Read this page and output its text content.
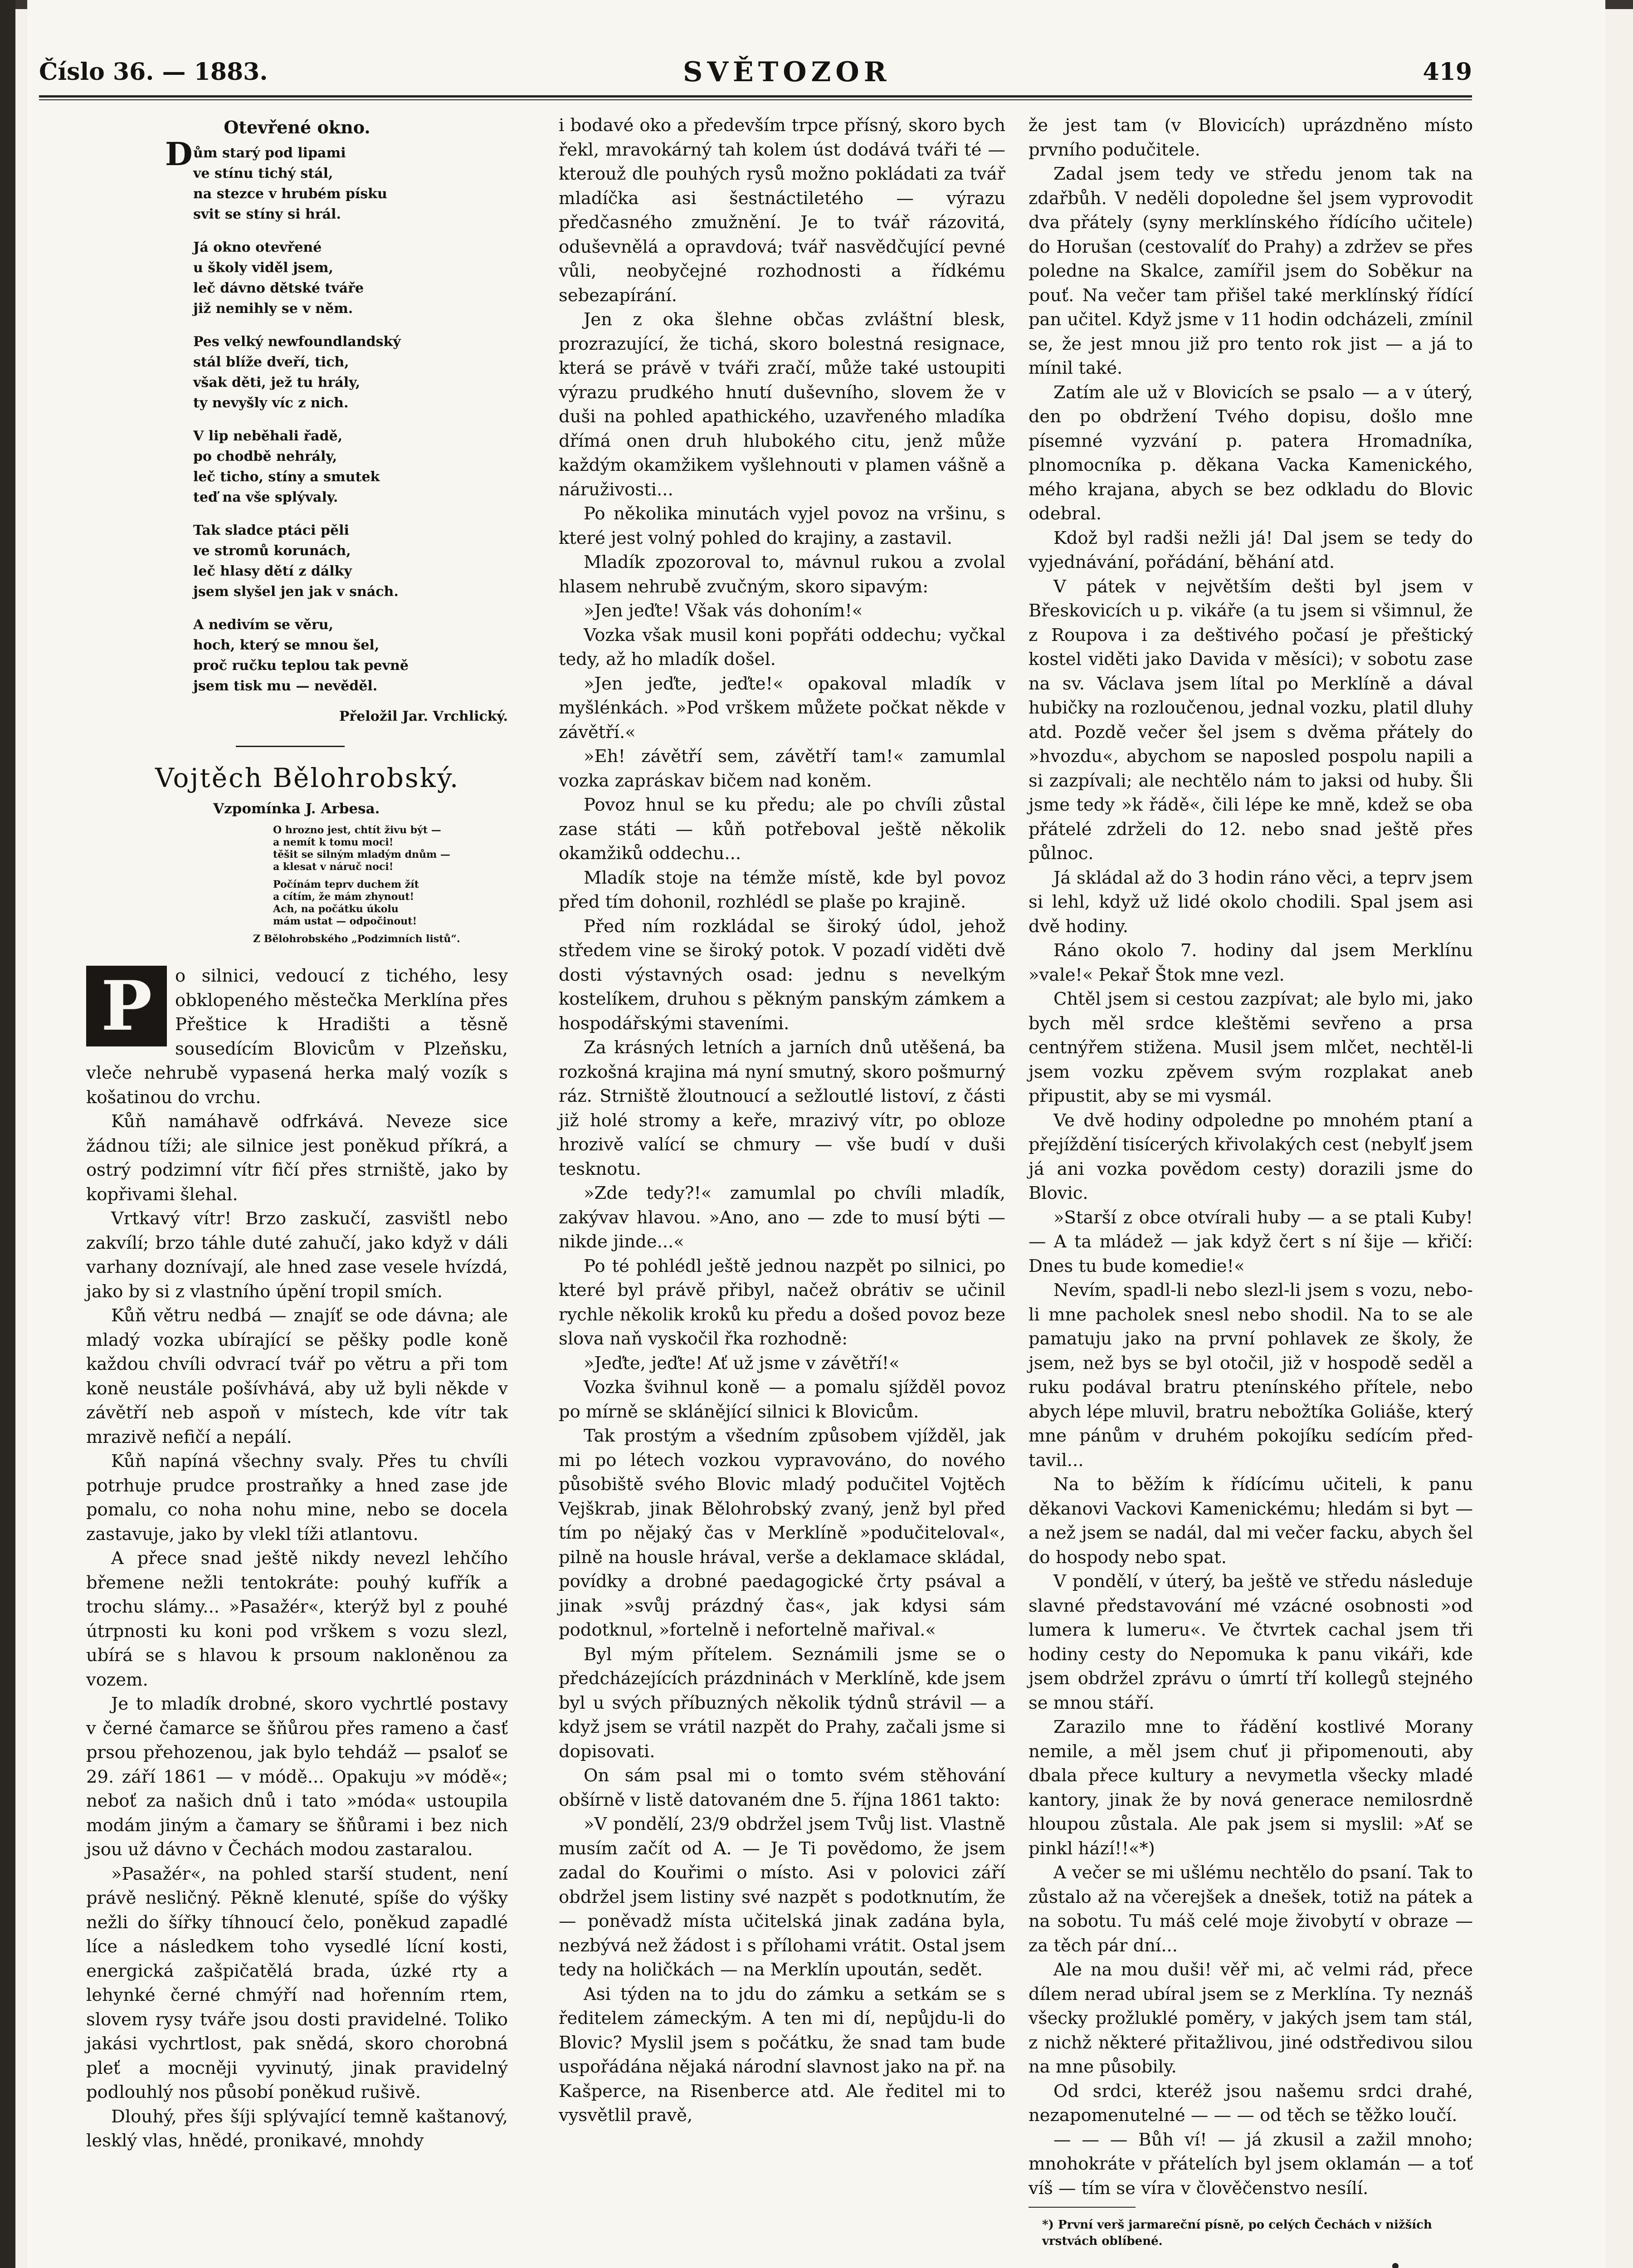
Číslo 36. — 1883.	SVĚTOZOR	419
Otevřené okno.
D ům starý pod lipami
ve stínu tichý stál,
na stezce v hrubém písku
svit se stíny si hrál.
Já okno otevřené
u školy viděl jsem,
leč dávno dětské tváře
již nemihly se v něm.
Pes velký newfoundlandský
stál blíže dveří, tich,
však děti, jež tu hrály,
ty nevyšly víc z nich.
V lip neběhali řadě,
po chodbě nehrály,
leč ticho, stíny a smutek
teď na vše splývaly.
Tak sladce ptáci pěli
ve stromů korunách,
leč hlasy dětí z dálky
jsem slyšel jen jak v snách.
A nedivím se věru,
hoch, který se mnou šel,
proč ručku teplou tak pevně
jsem tisk mu — nevěděl.
Přeložil Jar. Vrchlický.
Vojtěch Bělohrobský.
Vzpomínka J. Arbesa.
O hrozno jest, chtít živu být —
a nemít k tomu moci!
těšit se silným mladým dnům —
a klesat v náruč noci!
Počínám teprv duchem žít
a cítím, že mám zhynout!
Ach, na počátku úkolu
mám ustat — odpočinout!
Z Bělohrobského „Podzimních listů“.
P	o silnici, vedoucí z tichého, lesy obklopeného městečka Merklína přes Přeštice k Hradišti a těsně sousedícím Blovicům v Plzeňsku, vleče nehrubě vypasená herka malý vozík s košatinou do vrchu.

Kůň namáhavě odfrkává. Neveze sice žádnou tíži; ale silnice jest poněkud příkrá, a ostrý podzimní vítr fičí přes strniště, jako by kopřivami šlehal.

Vrtkavý vítr! Brzo zaskučí, zasvištl nebo zakvílí; brzo táhle duté zahučí, jako když v dáli varhany doznívají, ale hned zase vesele hvízdá, jako by si z vlastního úpění tropil smích.

Kůň větru nedbá — znajíť se ode dávna; ale mladý vozka ubírající se pěšky podle koně každou chvíli odvrací tvář po větru a při tom koně neustále pošívhává, aby už byli někde v závětří neb aspoň v místech, kde vítr tak mrazivě nefičí a nepálí.

Kůň napíná všechny svaly. Přes tu chvíli potrhuje prudce prostraňky a hned zase jde pomalu, co noha nohu mine, nebo se docela zastavuje, jako by vlekl tíži atlantovu.

A přece snad ještě nikdy nevezl lehčího břemene nežli tentokráte: pouhý kufřík a trochu slámy... »Pasažér«, kterýž byl z pouhé útrpnosti ku koni pod vrškem s vozu slezl, ubírá se s hlavou k prsoum nakloněnou za vozem.

Je to mladík drobné, skoro vychrtlé postavy v černé čamarce se šňůrou přes rameno a časť prsou přehozenou, jak bylo tehdáž — psaloť se 29. září 1861 — v módě... Opakuju »v módě«; neboť za našich dnů i tato »móda« ustoupila modám jiným a čamary se šňůrami i bez nich jsou už dávno v Čechách modou zastaralou.

»Pasažér«, na pohled starší student, není právě nesličný. Pěkně klenuté, spíše do výšky nežli do šířky tíhnoucí čelo, poněkud zapadlé líce a následkem toho vysedlé lícní kosti, energická zašpičatělá brada, úzké rty a lehynké černé chmýří nad hořenním rtem, slovem rysy tváře jsou dosti pravidelné. Toliko jakási vychrtlost, pak snědá, skoro chorobná pleť a mocněji vyvinutý, jinak pravidelný podlouhlý nos působí poněkud rušivě.

Dlouhý, přes šíji splývající temně kaštanový, lesklý vlas, hnědé, pronikavé, mnohdy

i bodavé oko a především trpce přísný, skoro bych řekl, mravokárný tah kolem úst dodává tváři té — kterouž dle pouhých rysů možno pokládati za tvář mladíčka asi šestnáctiletého — výrazu předčasného zmužnění. Je to tvář rázovitá, oduševnělá a opravdová; tvář nasvědčující pevné vůli, neobyčejné rozhodnosti a řídkému sebezapírání.

Jen z oka šlehne občas zvláštní blesk, prozrazující, že tichá, skoro bolestná resignace, která se právě v tváři zračí, může také ustoupiti výrazu prudkého hnutí duševního, slovem že v duši na pohled apathického, uzavřeného mladíka dřímá onen druh hlubokého citu, jenž může každým okamžikem vyšlehnouti v plamen vášně a náruživosti...

Po několika minutách vyjel povoz na vršinu, s které jest volný pohled do krajiny, a zastavil.

Mladík zpozoroval to, mávnul rukou a zvolal hlasem nehrubě zvučným, skoro sipavým:

»Jen jeďte! Však vás dohoním!«

Vozka však musil koni popřáti oddechu; vyčkal tedy, až ho mladík došel.

»Jen jeďte, jeďte!« opakoval mladík v myšlénkách. »Pod vrškem můžete počkat někde v závětří.«

»Eh! závětří sem, závětří tam!« zamumlal vozka zapráskav bičem nad koněm.

Povoz hnul se ku předu; ale po chvíli zůstal zase státi — kůň potřeboval ještě několik okamžiků oddechu...

Mladík stoje na témže místě, kde byl povoz před tím dohonil, rozhlédl se plaše po krajině.

Před ním rozkládal se široký údol, jehož středem vine se široký potok. V pozadí viděti dvě dosti výstavných osad: jednu s nevelkým kostelíkem, druhou s pěkným panským zámkem a hospodářskými staveními.

Za krásných letních a jarních dnů utěšená, ba rozkošná krajina má nyní smutný, skoro pošmurný ráz. Strniště žloutnoucí a sežloutlé listoví, z části již holé stromy a keře, mrazivý vítr, po obloze hrozivě valící se chmury — vše budí v duši tesknotu.

»Zde tedy?!« zamumlal po chvíli mladík, zakývav hlavou. »Ano, ano — zde to musí býti — nikde jinde...«

Po té pohlédl ještě jednou nazpět po silnici, po které byl právě přibyl, načež obrátiv se učinil rychle několik kroků ku předu a došed povoz beze slova naň vyskočil řka rozhodně:

»Jeďte, jeďte! Ať už jsme v závětří!«

Vozka švihnul koně — a pomalu sjížděl povoz po mírně se sklánějící silnici k Blovicům.

Tak prostým a všedním způsobem vjížděl, jak mi po létech vozkou vypravováno, do nového působiště svého Blovic mladý podučitel Vojtěch Vejškrab, jinak Bělohrobský zvaný, jenž byl před tím po nějaký čas v Merklíně »podučiteloval«, pilně na housle hrával, verše a deklamace skládal, povídky a drobné paedagogické črty psával a jinak »svůj prázdný čas«, jak kdysi sám podotknul, »fortelně i nefortelně mařival.«

Byl mým přítelem. Seznámili jsme se o předcházejících prázdninách v Merklíně, kde jsem byl u svých příbuzných několik týdnů strávil — a když jsem se vrátil nazpět do Prahy, začali jsme si dopisovati.

On sám psal mi o tomto svém stěhování obšírně v listě datovaném dne 5. října 1861 takto:

»V pondělí, 23/9 obdržel jsem Tvůj list. Vlastně musím začít od A. — Je Ti povědomo, že jsem zadal do Kouřimi o místo. Asi v polovici září obdržel jsem listiny své nazpět s podotknutím, že — poněvadž místa učitelská jinak zadána byla, nezbývá než žádost i s přílohami vrátit. Ostal jsem tedy na holičkách — na Merklín upoután, sedět.

Asi týden na to jdu do zámku a setkám se s ředitelem zámeckým. A ten mi dí, nepůjdu-li do Blovic? Myslil jsem s počátku, že snad tam bude uspořádána nějaká národní slavnost jako na př. na Kašperce, na Risenberce atd. Ale ředitel mi to vysvětlil pravě,

že jest tam (v Blovicích) uprázdněno místo prvního podučitele.

Zadal jsem tedy ve středu jenom tak na zdařbůh. V neděli dopoledne šel jsem vyprovodit dva přátely (syny merklínského řídícího učitele) do Horušan (cestovalíť do Prahy) a zdržev se přes poledne na Skalce, zamířil jsem do Soběkur na pouť. Na večer tam přišel také merklínský řídící pan učitel. Když jsme v 11 hodin odcházeli, zmínil se, že jest mnou již pro tento rok jist — a já to mínil také.

Zatím ale už v Blovicích se psalo — a v úterý, den po obdržení Tvého dopisu, došlo mne písemné vyzvání p. patera Hromadníka, plnomocníka p. děkana Vacka Kamenického, mého krajana, abych se bez odkladu do Blovic odebral.

Kdož byl radši nežli já! Dal jsem se tedy do vyjednávání, pořádání, běhání atd.

V pátek v největším dešti byl jsem v Břeskovicích u p. vikáře (a tu jsem si všimnul, že z Roupova i za deštivého počasí je přeštický kostel viděti jako Davida v měsíci); v sobotu zase na sv. Václava jsem lítal po Merklíně a dával hubičky na rozloučenou, jednal vozku, platil dluhy atd. Pozdě večer šel jsem s dvěma přátely do »hvozdu«, abychom se naposled pospolu napili a si zazpívali; ale nechtělo nám to jaksi od huby. Šli jsme tedy »k řádě«, čili lépe ke mně, kdež se oba přátelé zdrželi do 12. nebo snad ještě přes půlnoc.

Já skládal až do 3 hodin ráno věci, a teprv jsem si lehl, když už lidé okolo chodili. Spal jsem asi dvě hodiny.

Ráno okolo 7. hodiny dal jsem Merklínu »vale!« Pekař Štok mne vezl.

Chtěl jsem si cestou zazpívat; ale bylo mi, jako bych měl srdce kleštěmi sevřeno a prsa centnýřem stižena. Musil jsem mlčet, nechtěl-li jsem vozku zpěvem svým rozplakat aneb připustit, aby se mi vysmál.

Ve dvě hodiny odpoledne po mnohém ptaní a přejíždění tisícerých křivolakých cest (nebylť jsem já ani vozka povědom cesty) dorazili jsme do Blovic.

»Starší z obce otvírali huby — a se ptali Kuby! — A ta mládež — jak když čert s ní šije — křičí: Dnes tu bude komedie!«

Nevím, spadl-li nebo slezl-li jsem s vozu, nebo-li mne pacholek snesl nebo shodil. Na to se ale pamatuju jako na první pohlavek ze školy, že jsem, než bys se byl otočil, již v hospodě seděl a ruku podával bratru ptenínského přítele, nebo abych lépe mluvil, bratru nebožtíka Goliáše, který mne pánům v druhém pokojíku sedícím před-tavil...

Na to běžím k řídícímu učiteli, k panu děkanovi Vackovi Kamenickému; hledám si byt — a než jsem se nadál, dal mi večer facku, abych šel do hospody nebo spat.

V pondělí, v úterý, ba ještě ve středu následuje slavné představování mé vzácné osobnosti »od lumera k lumeru«. Ve čtvrtek cachal jsem tři hodiny cesty do Nepomuka k panu vikáři, kde jsem obdržel zprávu o úmrtí tří kollegů stejného se mnou stáří.

Zarazilo mne to řádění kostlivé Morany nemile, a měl jsem chuť ji připomenouti, aby dbala přece kultury a nevymetla všecky mladé kantory, jinak že by nová generace nemilosrdně hloupou zůstala. Ale pak jsem si myslil: »Ať se pinkl hází!!«*)

A večer se mi ušlému nechtělo do psaní. Tak to zůstalo až na včerejšek a dnešek, totiž na pátek a na sobotu. Tu máš celé moje živobytí v obraze —za těch pár dní...

Ale na mou duši! věř mi, ač velmi rád, přece dílem nerad ubíral jsem se z Merklína. Ty neznáš všecky prožluklé poměry, v jakých jsem tam stál, z nichž některé přitažlivou, jiné odstředivou silou na mne působily.

Od srdci, kteréž jsou našemu srdci drahé, nezapomenutelné — — — od těch se těžko loučí.

— — — Bůh ví! — já zkusil a zažil mnoho; mnohokráte v přátelích byl jsem oklamán — a toť víš — tím se víra v člověčenstvo nesílí.

*) První verš jarmareční písně, po celých Čechách v nižších vrstvách oblíbené.
